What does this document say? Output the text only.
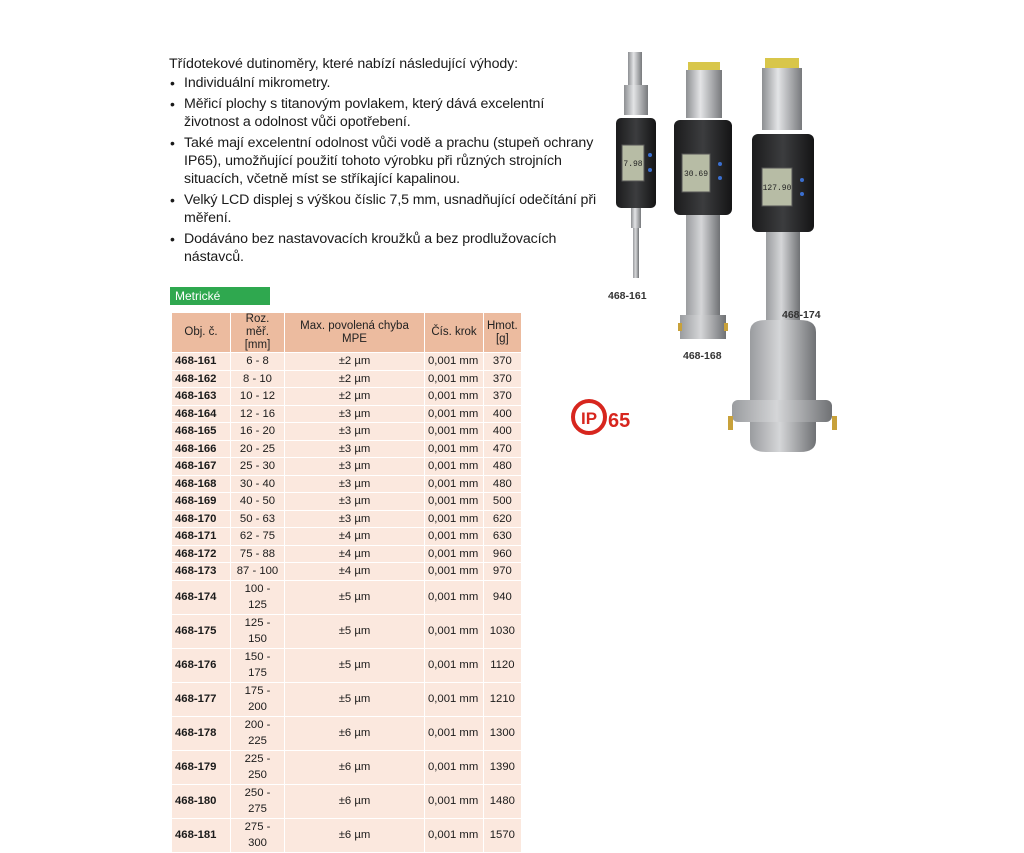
Třídotekové dutinoměry, které nabízí následující výhody:

• Individuální mikrometry.
• Měřicí plochy s titanovým povlakem, který dává excelentní životnost a odolnost vůči opotřebení.
• Také mají excelentní odolnost vůči vodě a prachu (stupeň ochrany IP65), umožňující použití tohoto výrobku při různých strojních situacích, včetně míst se stříkající kapalinou.
• Velký LCD displej s výškou číslic 7,5 mm, usnadňující odečítání při měření.
• Dodáváno bez nastavovacích kroužků a bez prodlužovacích nástavců.
Metrické
Obj. č.	Roz. měř. [mm]	Max. povolená chyba MPE	Čís. krok	Hmot. [g]
468-161	6 - 8	±2 µm	0,001 mm	370
468-162	8 - 10	±2 µm	0,001 mm	370
468-163	10 - 12	±2 µm	0,001 mm	370
468-164	12 - 16	±3 µm	0,001 mm	400
468-165	16 - 20	±3 µm	0,001 mm	400
468-166	20 - 25	±3 µm	0,001 mm	470
468-167	25 - 30	±3 µm	0,001 mm	480
468-168	30 - 40	±3 µm	0,001 mm	480
468-169	40 - 50	±3 µm	0,001 mm	500
468-170	50 - 63	±3 µm	0,001 mm	620
468-171	62 - 75	±4 µm	0,001 mm	630
468-172	75 - 88	±4 µm	0,001 mm	960
468-173	87 - 100	±4 µm	0,001 mm	970
468-174	100 - 125	±5 µm	0,001 mm	940
468-175	125 - 150	±5 µm	0,001 mm	1030
468-176	150 - 175	±5 µm	0,001 mm	1120
468-177	175 - 200	±5 µm	0,001 mm	1210
468-178	200 - 225	±6 µm	0,001 mm	1300
468-179	225 - 250	±6 µm	0,001 mm	1390
468-180	250 - 275	±6 µm	0,001 mm	1480
468-181	275 - 300	±6 µm	0,001 mm	1570
7.98
30.69
127.90
468-161
468-168
468-174
IP 65
